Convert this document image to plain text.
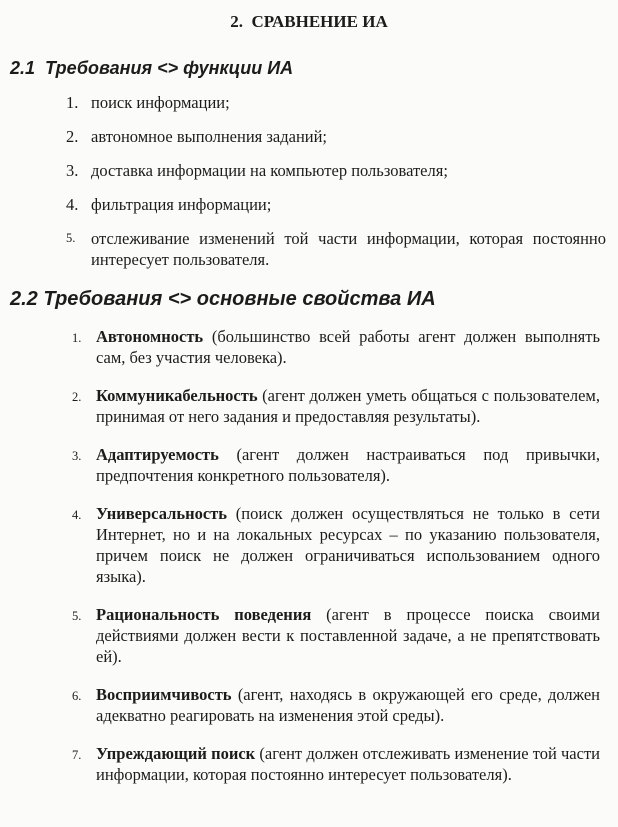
2. СРАВНЕНИЕ ИА
2.1 Требования <> функции ИА
1. поиск информации;
2. автономное выполнения заданий;
3. доставка информации на компьютер пользователя;
4. фильтрация информации;
5. отслеживание изменений той части информации, которая постоянно интересует пользователя.
2.2 Требования <> основные свойства ИА
1. Автономность (большинство всей работы агент должен выполнять сам, без участия человека).
2. Коммуникабельность (агент должен уметь общаться с пользователем, принимая от него задания и предоставляя результаты).
3. Адаптируемость (агент должен настраиваться под привычки, предпочтения конкретного пользователя).
4. Универсальность (поиск должен осуществляться не только в сети Интернет, но и на локальных ресурсах – по указанию пользователя, причем поиск не должен ограничиваться использованием одного языка).
5. Рациональность поведения (агент в процессе поиска своими действиями должен вести к поставленной задаче, а не препятствовать ей).
6. Восприимчивость (агент, находясь в окружающей его среде, должен адекватно реагировать на изменения этой среды).
7. Упреждающий поиск (агент должен отслеживать изменение той части информации, которая постоянно интересует пользователя).
